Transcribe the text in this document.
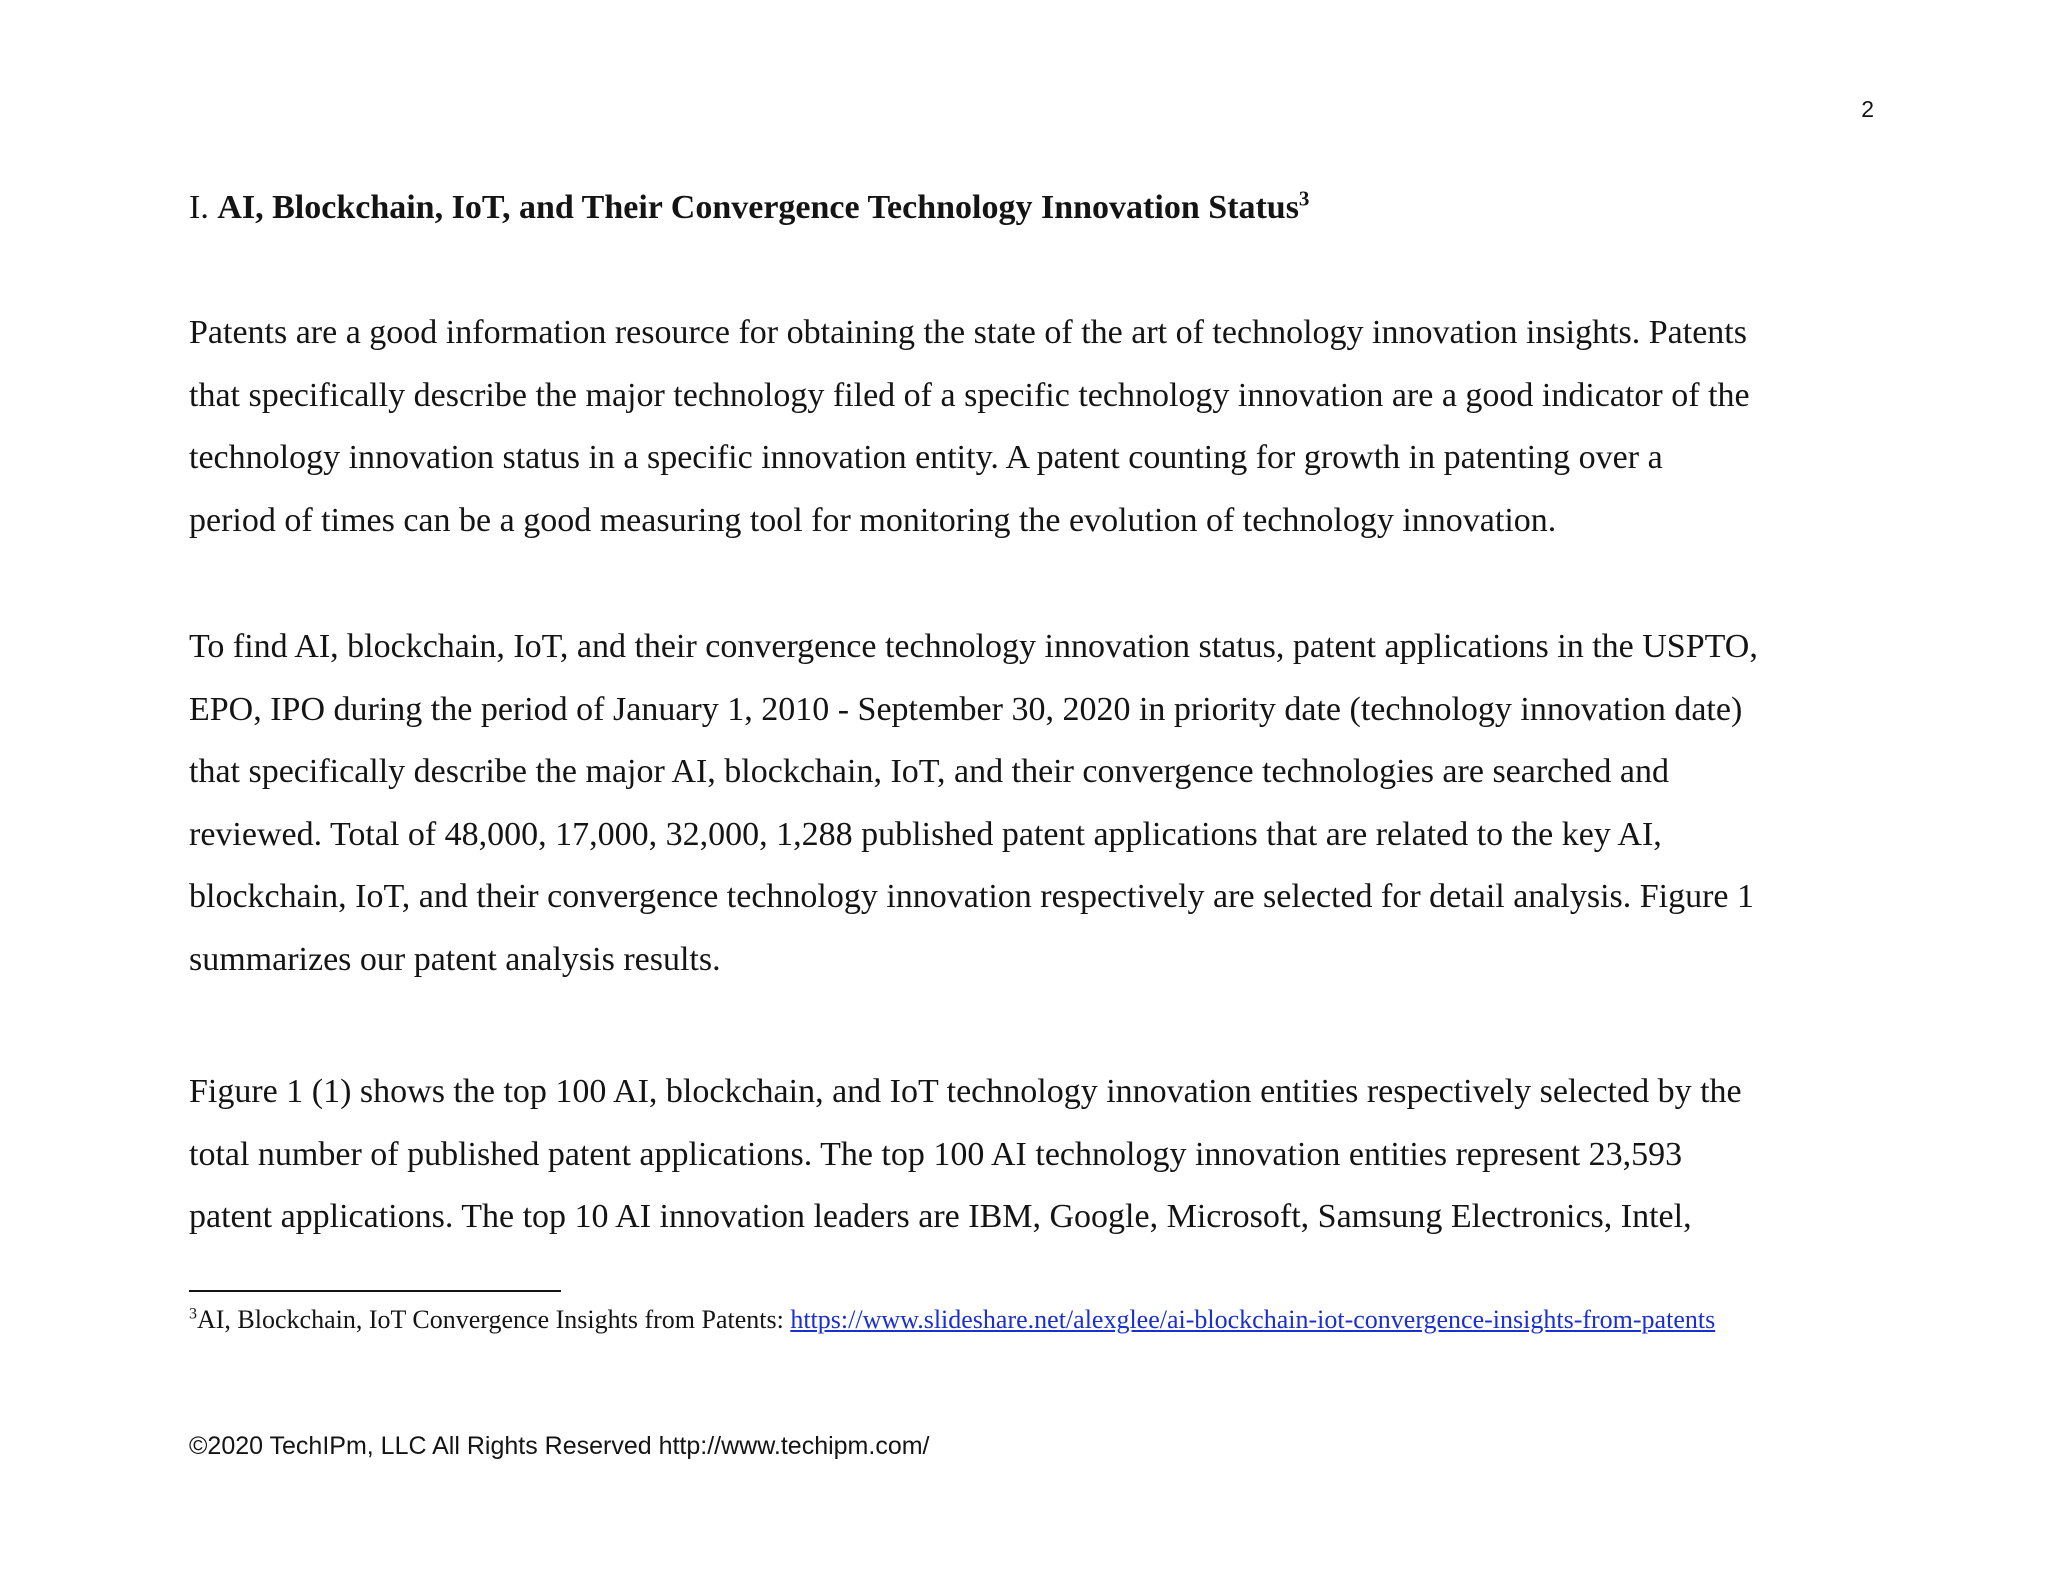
2
I. AI, Blockchain, IoT, and Their Convergence Technology Innovation Status$^3$
Patents are a good information resource for obtaining the state of the art of technology innovation insights. Patents
that specifically describe the major technology filed of a specific technology innovation are a good indicator of the
technology innovation status in a specific innovation entity. A patent counting for growth in patenting over a
period of times can be a good measuring tool for monitoring the evolution of technology innovation.
To find AI, blockchain, IoT, and their convergence technology innovation status, patent applications in the USPTO,
EPO, IPO during the period of January 1, 2010 - September 30, 2020 in priority date (technology innovation date)
that specifically describe the major AI, blockchain, IoT, and their convergence technologies are searched and
reviewed. Total of 48,000, 17,000, 32,000, 1,288 published patent applications that are related to the key AI,
blockchain, IoT, and their convergence technology innovation respectively are selected for detail analysis. Figure 1
summarizes our patent analysis results.
Figure 1 (1) shows the top 100 AI, blockchain, and IoT technology innovation entities respectively selected by the
total number of published patent applications. The top 100 AI technology innovation entities represent 23,593
patent applications. The top 10 AI innovation leaders are IBM, Google, Microsoft, Samsung Electronics, Intel,
$^3$AI, Blockchain, IoT Convergence Insights from Patents: https://www.slideshare.net/alexglee/ai-blockchain-iot-convergence-insights-from-patents
©2020 TechIPm, LLC All Rights Reserved http://www.techipm.com/
